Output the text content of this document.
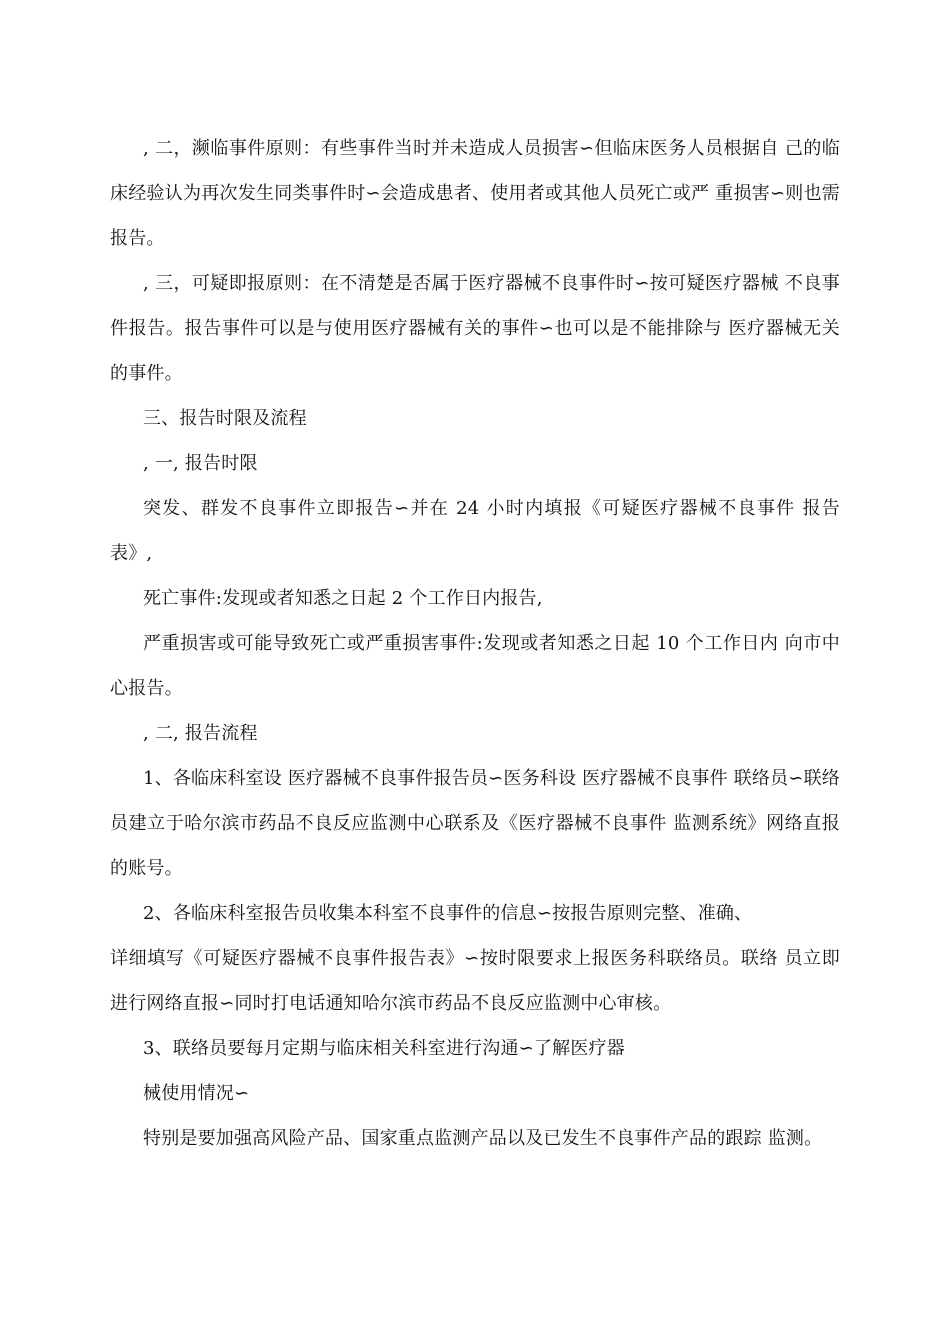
, 二，濒临事件原则：有些事件当时并未造成人员损害∽但临床医务人员根据自 己的临床经验认为再次发生同类事件时∽会造成患者、使用者或其他人员死亡或严 重损害∽则也需报告。

, 三，可疑即报原则：在不清楚是否属于医疗器械不良事件时∽按可疑医疗器械 不良事件报告。报告事件可以是与使用医疗器械有关的事件∽也可以是不能排除与 医疗器械无关的事件。

三、报告时限及流程

, 一, 报告时限

突发、群发不良事件立即报告∽并在 24 小时内填报《可疑医疗器械不良事件 报告表》,

死亡事件:发现或者知悉之日起 2 个工作日内报告,

严重损害或可能导致死亡或严重损害事件:发现或者知悉之日起 10 个工作日内 向市中心报告。

, 二, 报告流程

1、各临床科室设 医疗器械不良事件报告员∽医务科设 医疗器械不良事件 联络员∽联络员建立于哈尔滨市药品不良反应监测中心联系及《医疗器械不良事件 监测系统》网络直报的账号。

2、各临床科室报告员收集本科室不良事件的信息∽按报告原则完整、准确、

详细填写《可疑医疗器械不良事件报告表》∽按时限要求上报医务科联络员。联络 员立即进行网络直报∽同时打电话通知哈尔滨市药品不良反应监测中心审核。

3、联络员要每月定期与临床相关科室进行沟通∽了解医疗器

械使用情况∽

特别是要加强高风险产品、国家重点监测产品以及已发生不良事件产品的跟踪 监测。
